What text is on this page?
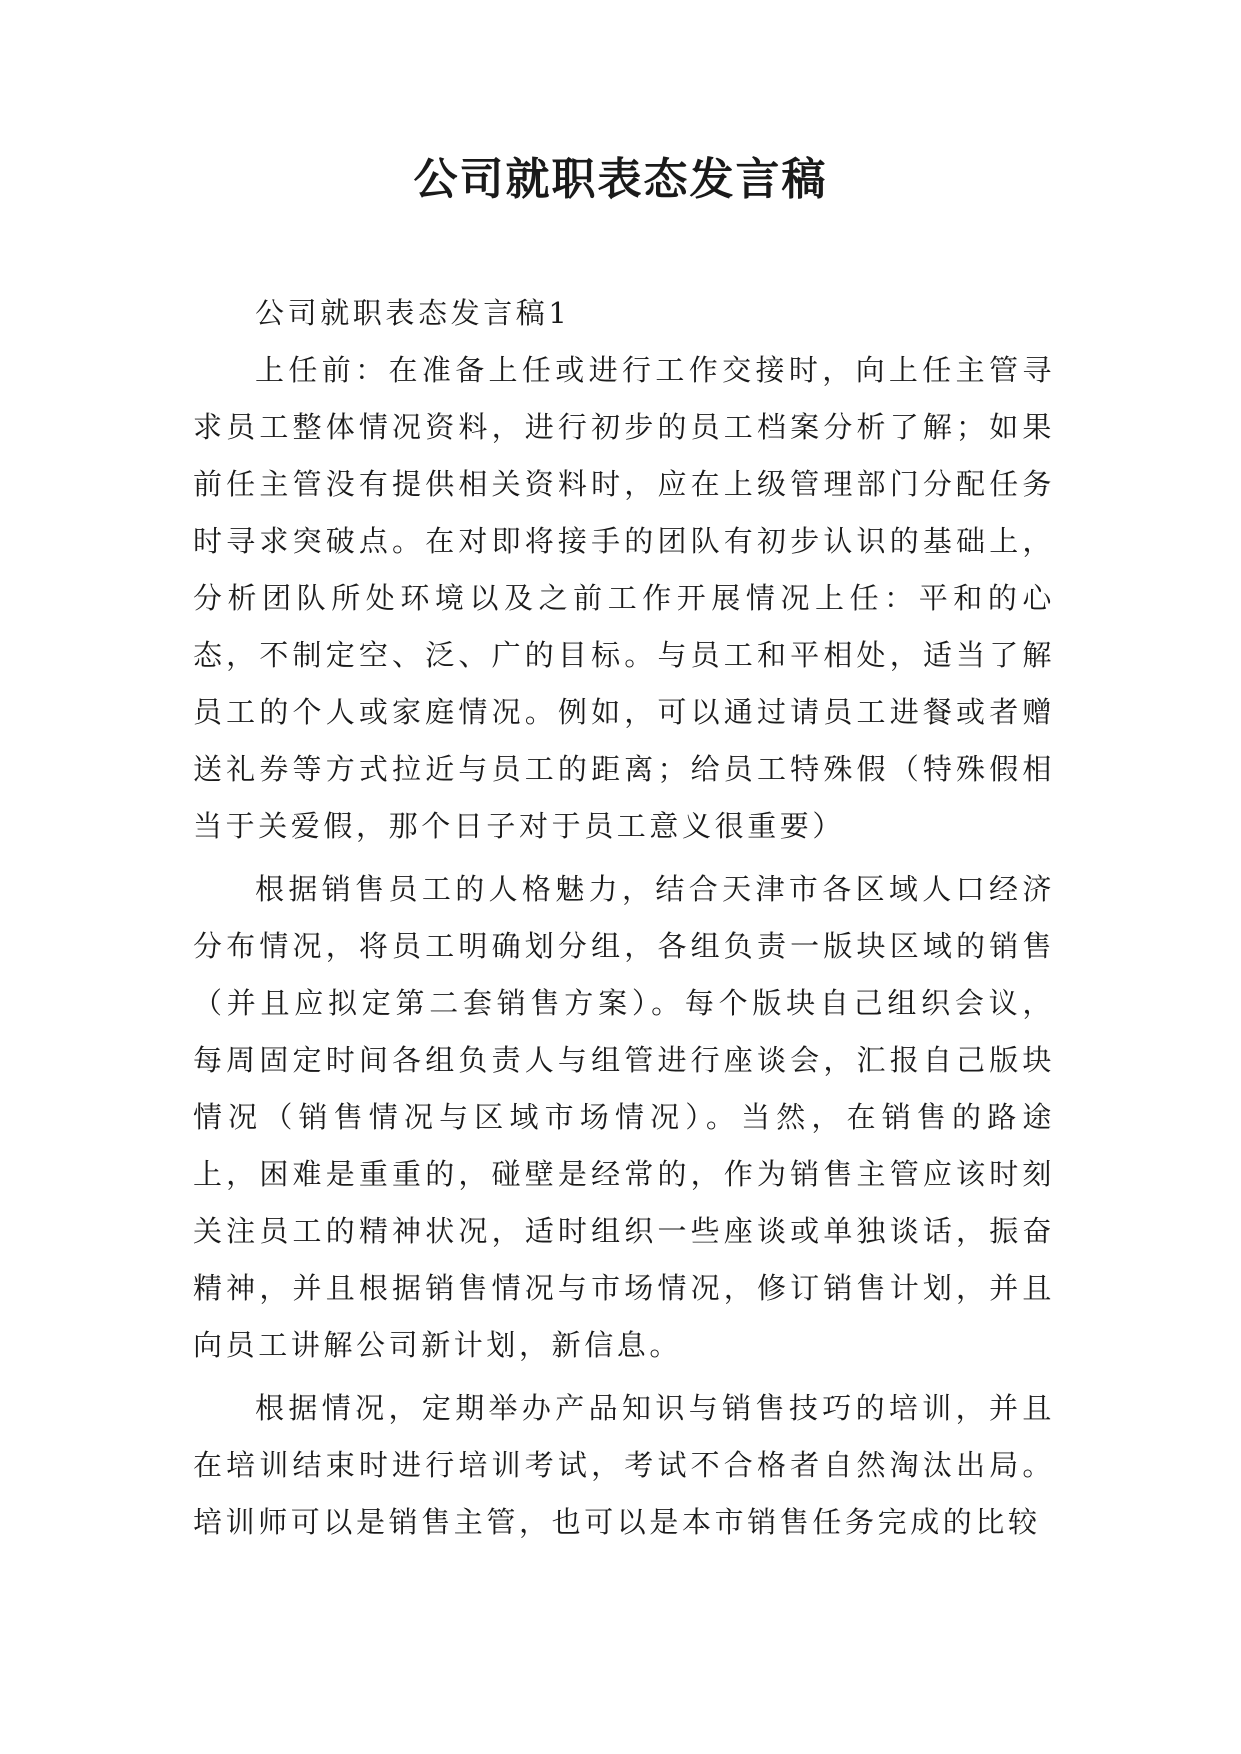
公司就职表态发言稿

公司就职表态发言稿1

上任前：在准备上任或进行工作交接时，向上任主管寻求员工整体情况资料，进行初步的员工档案分析了解；如果前任主管没有提供相关资料时，应在上级管理部门分配任务时寻求突破点。在对即将接手的团队有初步认识的基础上，分析团队所处环境以及之前工作开展情况上任：平和的心态，不制定空、泛、广的目标。与员工和平相处，适当了解员工的个人或家庭情况。例如，可以通过请员工进餐或者赠送礼券等方式拉近与员工的距离；给员工特殊假（特殊假相当于关爱假，那个日子对于员工意义很重要）

根据销售员工的人格魅力，结合天津市各区域人口经济分布情况，将员工明确划分组，各组负责一版块区域的销售（并且应拟定第二套销售方案）。每个版块自己组织会议，每周固定时间各组负责人与组管进行座谈会，汇报自己版块情况（销售情况与区域市场情况）。当然，在销售的路途上，困难是重重的，碰壁是经常的，作为销售主管应该时刻关注员工的精神状况，适时组织一些座谈或单独谈话，振奋精神，并且根据销售情况与市场情况，修订销售计划，并且向员工讲解公司新计划，新信息。

根据情况，定期举办产品知识与销售技巧的培训，并且在培训结束时进行培训考试，考试不合格者自然淘汰出局。培训师可以是销售主管，也可以是本市销售任务完成的比较
